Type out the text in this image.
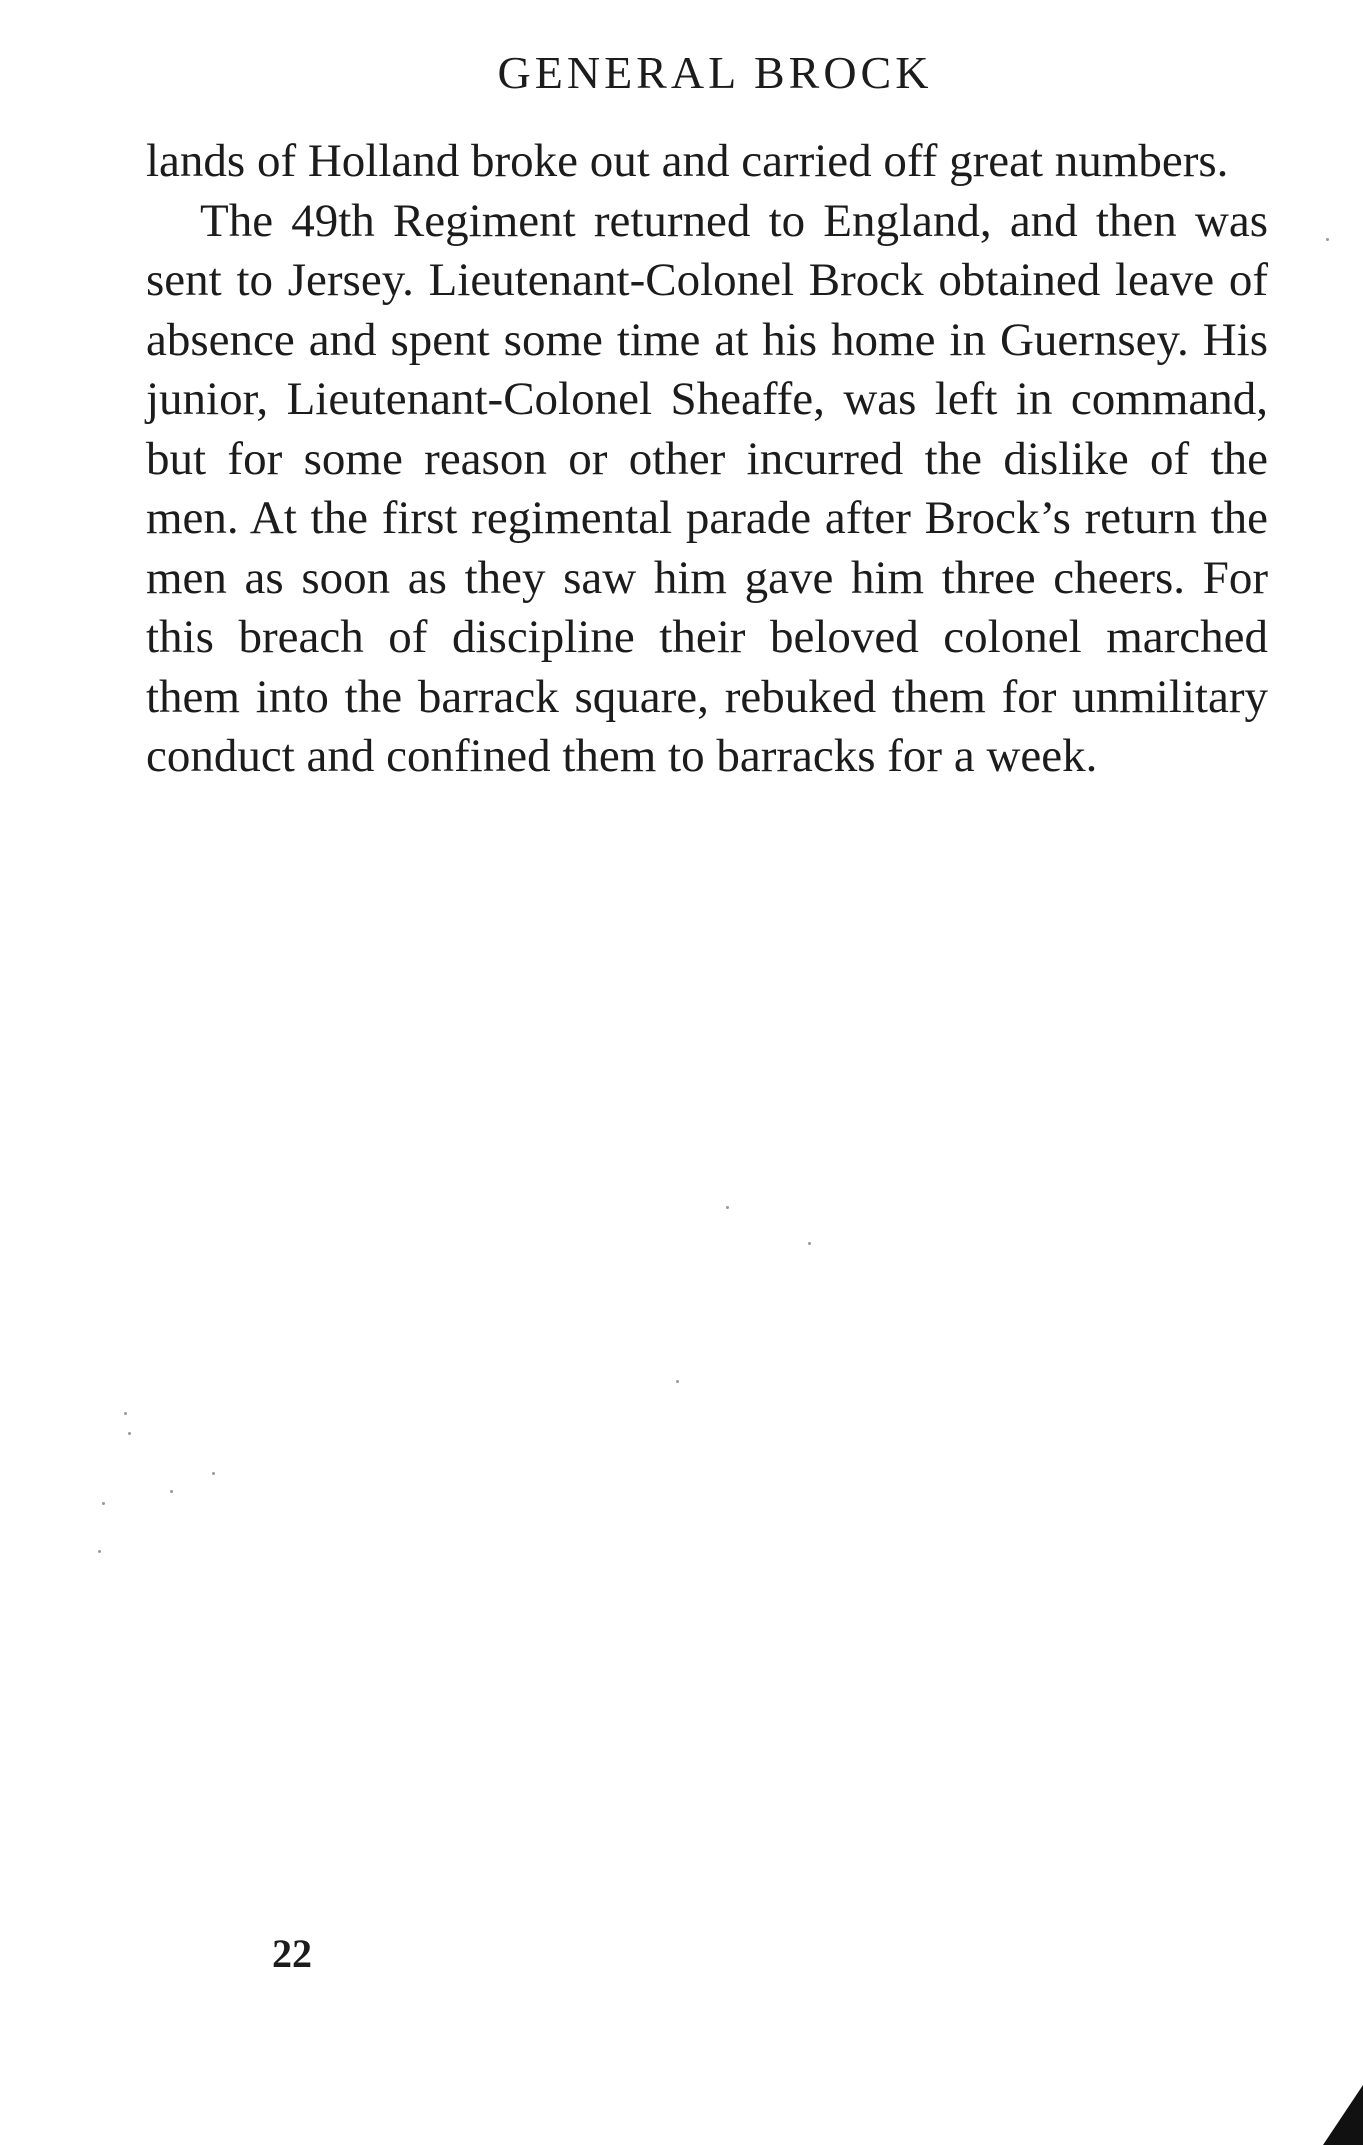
GENERAL BROCK

lands of Holland broke out and carried off great numbers.

The 49th Regiment returned to England, and then was sent to Jersey. Lieutenant-Colonel Brock obtained leave of absence and spent some time at his home in Guernsey. His junior, Lieutenant-Colonel Sheaffe, was left in command, but for some reason or other incurred the dislike of the men. At the first regimental parade after Brock’s return the men as soon as they saw him gave him three cheers. For this breach of discipline their beloved colonel marched them into the barrack square, rebuked them for unmilitary conduct and confined them to barracks for a week.

22
